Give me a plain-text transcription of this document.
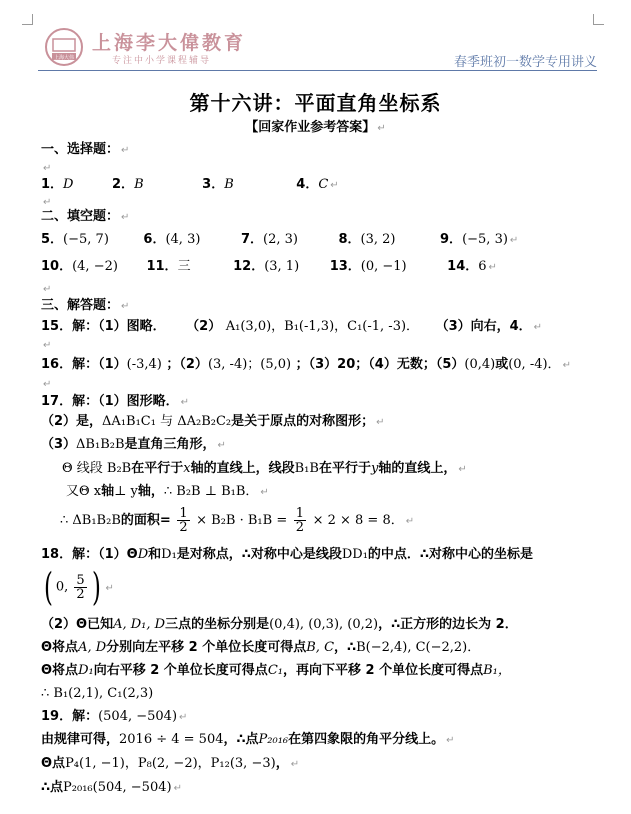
上海大伟
上海李大偉教育
专注中小学课程辅导	春季班初一数学专用讲义
第十六讲：平面直角坐标系
【回家作业参考答案】 ↵
一、选择题： ↵
↵
1．D	2．B	3．B	4．C ↵
↵
二、填空题： ↵
5．(−5, 7)	6．(4, 3)	7．(2, 3)	8．(3, 2)	9．(−5, 3) ↵
10．(4, −2) 11．三	12．(3, 1) 13．(0, −1)	14．6 ↵
↵
三、解答题： ↵
15．解：（1）图略． （2） A₁(3,0)，B₁(-1,3)，C₁(-1, -3)． （3）向右，4． ↵
↵
16．解：（1）(-3,4) ；（2）(3, -4)；(5,0) ；（3）20；（4）无数；（5）(0,4)或(0, -4)． ↵
↵
17．解：（1）图形略． ↵
（2）是，ΔA₁B₁C₁ 与 ΔA₂B₂C₂是关于原点的对称图形； ↵
（3）ΔB₁B₂B是直角三角形， ↵
Θ 线段 B₂B在平行于x轴的直线上，线段B₁B在平行于y轴的直线上， ↵
又Θ x轴⊥ y轴，∴ B₂B ⊥ B₁B． ↵
∴ ΔB₁B₂B的面积= $\frac{1}{2} \times B_2B \cdot B_1B = \frac{1}{2} \times 2 \times 8 = 8$． ↵
18．解：（1）ΘD和D₁是对称点，∴对称中心是线段DD₁的中点．∴对称中心的坐标是
( 0, $\frac{5}{2}$ ) ↵
（2）Θ已知A, D₁, D三点的坐标分别是(0,4), (0,3), (0,2)，∴正方形的边长为 2．
Θ将点A, D分别向左平移 2 个单位长度可得点B, C，∴B(−2,4), C(−2,2)．
Θ将点D₁向右平移 2 个单位长度可得点C₁，再向下平移 2 个单位长度可得点B₁，
∴ B₁(2,1), C₁(2,3)
19．解：(504, −504) ↵
由规律可得，2016 ÷ 4 = 504，∴点P₂₀₁₆在第四象限的角平分线上。 ↵
Θ点P₄(1, −1)，P₈(2, −2)，P₁₂(3, −3)， ↵
∴点P₂₀₁₆(504, −504) ↵
